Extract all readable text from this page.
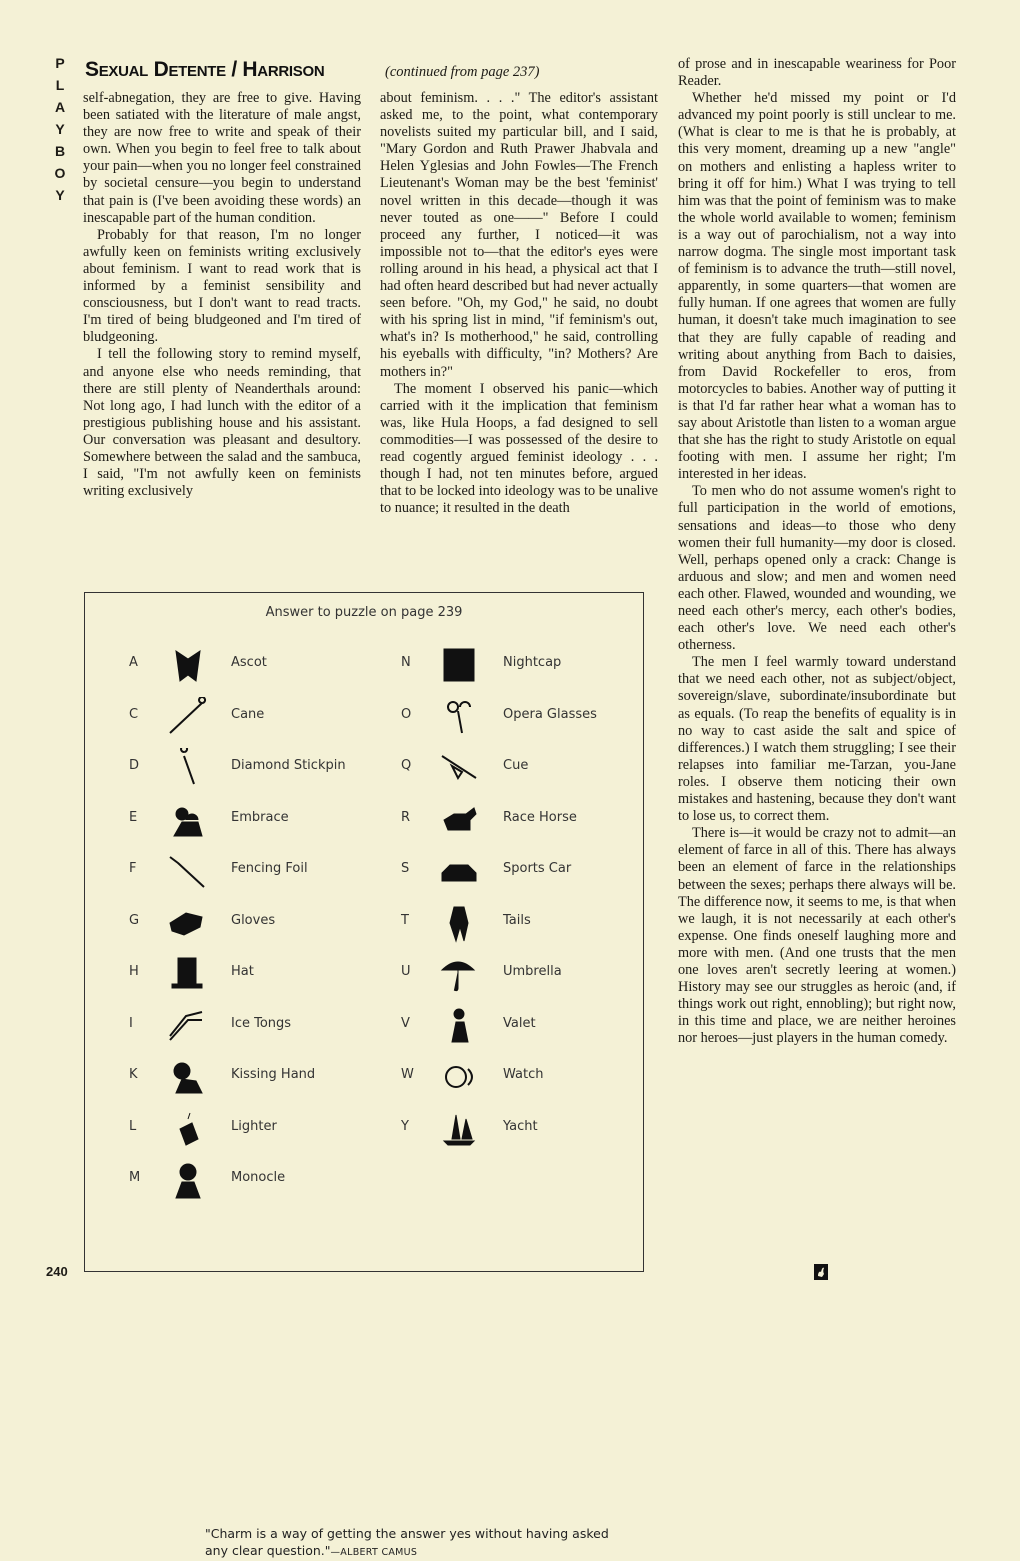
P
L
A
Y
B
O
Y
Sexual Detente / Harrison	(continued from page 237)

self-abnegation, they are free to give. Having been satiated with the literature of male angst, they are now free to write and speak of their own. When you begin to feel free to talk about your pain—when you no longer feel constrained by societal censure—you begin to understand that pain is (I've been avoiding these words) an inescapable part of the human condition.

Probably for that reason, I'm no longer awfully keen on feminists writing exclusively about feminism. I want to read work that is informed by a feminist sensibility and consciousness, but I don't want to read tracts. I'm tired of being bludgeoned and I'm tired of bludgeoning.

I tell the following story to remind myself, and anyone else who needs reminding, that there are still plenty of Neanderthals around: Not long ago, I had lunch with the editor of a prestigious publishing house and his assistant. Our conversation was pleasant and desultory. Somewhere between the salad and the sambuca, I said, "I'm not awfully keen on feminists writing exclusively

about feminism. . . ." The editor's assistant asked me, to the point, what contemporary novelists suited my particular bill, and I said, "Mary Gordon and Ruth Prawer Jhabvala and Helen Yglesias and John Fowles—The French Lieutenant's Woman may be the best 'feminist' novel written in this decade—though it was never touted as one——" Before I could proceed any further, I noticed—it was impossible not to—that the editor's eyes were rolling around in his head, a physical act that I had often heard described but had never actually seen before. "Oh, my God," he said, no doubt with his spring list in mind, "if feminism's out, what's in? Is motherhood," he said, controlling his eyeballs with difficulty, "in? Mothers? Are mothers in?"

The moment I observed his panic—which carried with it the implication that feminism was, like Hula Hoops, a fad designed to sell commodities—I was possessed of the desire to read cogently argued feminist ideology . . . though I had, not ten minutes before, argued that to be locked into ideology was to be unalive to nuance; it resulted in the death

of prose and in inescapable weariness for Poor Reader.

Whether he'd missed my point or I'd advanced my point poorly is still unclear to me. (What is clear to me is that he is probably, at this very moment, dreaming up a new "angle" on mothers and enlisting a hapless writer to bring it off for him.) What I was trying to tell him was that the point of feminism was to make the whole world available to women; feminism is a way out of parochialism, not a way into narrow dogma. The single most important task of feminism is to advance the truth—still novel, apparently, in some quarters—that women are fully human. If one agrees that women are fully human, it doesn't take much imagination to see that they are fully capable of reading and writing about anything from Bach to daisies, from David Rockefeller to eros, from motorcycles to babies. Another way of putting it is that I'd far rather hear what a woman has to say about Aristotle than listen to a woman argue that she has the right to study Aristotle on equal footing with men. I assume her right; I'm interested in her ideas.

To men who do not assume women's right to full participation in the world of emotions, sensations and ideas—to those who deny women their full humanity—my door is closed. Well, perhaps opened only a crack: Change is arduous and slow; and men and women need each other. Flawed, wounded and wounding, we need each other's mercy, each other's bodies, each other's love. We need each other's otherness.

The men I feel warmly toward understand that we need each other, not as subject/object, sovereign/slave, subordinate/insubordinate but as equals. (To reap the benefits of equality is in no way to cast aside the salt and spice of differences.) I watch them struggling; I see their relapses into familiar me-Tarzan, you-Jane roles. I observe them noticing their own mistakes and hastening, because they don't want to lose us, to correct them.

There is—it would be crazy not to admit—an element of farce in all of this. There has always been an element of farce in the relationships between the sexes; perhaps there always will be. The difference now, it seems to me, is that when we laugh, it is not necessarily at each other's expense. One finds oneself laughing more and more with men. (And one trusts that the men one loves aren't secretly leering at women.) History may see our struggles as heroic (and, if things work out right, ennobling); but right now, in this time and place, we are neither heroines nor heroes—just players in the human comedy.

Answer to puzzle on page 239
A	Ascot
C	Cane
D	Diamond Stickpin
E	Embrace
F	Fencing Foil
G	Gloves
H	Hat
I	Ice Tongs
K	Kissing Hand
L	Lighter
M	Monocle
N	Nightcap
O	Opera Glasses
Q	Cue
R	Race Horse
S	Sports Car
T	Tails
U	Umbrella
V	Valet
W	Watch
Y	Yacht
"Charm is a way of getting the answer yes without having asked any clear question."—ALBERT CAMUS
240
